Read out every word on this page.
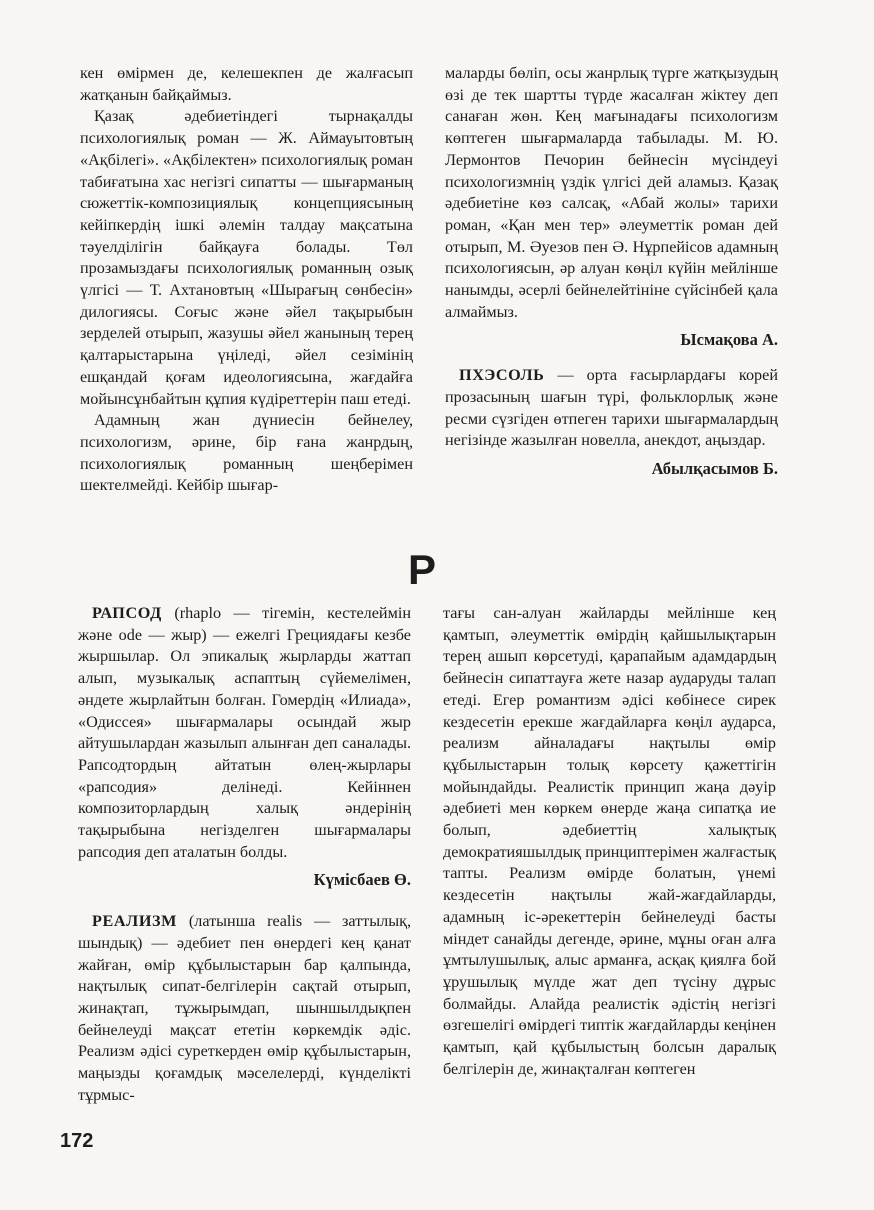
кен өмірмен де, келешекпен де жалғасып жатқанын байқаймыз.

Қазақ әдебиетіндегі тырнақалды психологиялық роман — Ж. Аймауытовтың «Ақбілегі». «Ақбілектен» психологиялық роман табиғатына хас негізгі сипатты — шығарманың сюжеттік-композициялық концепциясының кейіпкердің ішкі әлемін талдау мақсатына тәуелділігін байқауға болады. Төл прозамыздағы психологиялық романның озық үлгісі — Т. Ахтановтың «Шырағың сөнбесін» дилогиясы. Соғыс және әйел тақырыбын зерделей отырып, жазушы әйел жанының терең қалтарыстарына үңіледі, әйел сезімінің ешқандай қоғам идеологиясына, жағдайға мойынсұнбайтын құпия күдіреттерін паш етеді.

Адамның жан дүниесін бейнелеу, психологизм, әрине, бір ғана жанрдың, психологиялық романның шеңберімен шектелмейді. Кейбір шығар-

маларды бөліп, осы жанрлық түрге жатқызудың өзі де тек шартты түрде жасалған жіктеу деп санаған жөн. Кең мағынадағы психологизм көптеген шығармаларда табылады. М. Ю. Лермонтов Печорин бейнесін мүсіндеуі психологизмнің үздік үлгісі дей аламыз. Қазақ әдебиетіне көз салсақ, «Абай жолы» тарихи роман, «Қан мен тер» әлеуметтік роман дей отырып, М. Әуезов пен Ә. Нұрпейісов адамның психологиясын, әр алуан көңіл күйін мейлінше нанымды, әсерлі бейнелейтініне сүйсінбей қала алмаймыз.

Ысмақова А.

ПХЭСОЛЬ — орта ғасырлардағы корей прозасының шағын түрі, фольклорлық және ресми сүзгіден өтпеген тарихи шығармалардың негізінде жазылған новелла, анекдот, аңыздар.

Абылқасымов Б.
Р

РАПСОД (rhaplo — тігемін, кестелеймін және ode — жыр) — ежелгі Грециядағы кезбе жыршылар. Ол эпикалық жырларды жаттап алып, музыкалық аспаптың сүйемелімен, әндете жырлайтын болған. Гомердің «Илиада», «Одиссея» шығармалары осындай жыр айтушылардан жазылып алынған деп саналады. Рапсодтордың айтатын өлең-жырлары «рапсодия» делінеді. Кейіннен композиторлардың халық әндерінің тақырыбына негізделген шығармалары рапсодия деп аталатын болды.

Күмісбаев Ө.

РЕАЛИЗМ (латынша realis — заттылық, шындық) — әдебиет пен өнердегі кең қанат жайған, өмір құбылыстарын бар қалпында, нақтылық сипат-белгілерін сақтай отырып, жинақтап, тұжырымдап, шыншылдықпен бейнелеуді мақсат ететін көркемдік әдіс. Реализм әдісі суреткерден өмір құбылыстарын, маңызды қоғамдық мәселелерді, күнделікті тұрмыс-

тағы сан-алуан жайларды мейлінше кең қамтып, әлеуметтік өмірдің қайшылықтарын терең ашып көрсетуді, қарапайым адамдардың бейнесін сипаттауға жете назар аударуды талап етеді. Егер романтизм әдісі көбінесе сирек кездесетін ерекше жағдайларға көңіл аударса, реализм айналадағы нақтылы өмір құбылыстарын толық көрсету қажеттігін мойындайды. Реалистік принцип жаңа дәуір әдебиеті мен көркем өнерде жаңа сипатқа ие болып, әдебиеттің халықтық демократияшылдық принциптерімен жалғастық тапты. Реализм өмірде болатын, үнемі кездесетін нақтылы жай-жағдайларды, адамның іс-әрекеттерін бейнелеуді басты міндет санайды дегенде, әрине, мұны оған алға ұмтылушылық, алыс арманға, асқақ қиялға бой ұрушылық мүлде жат деп түсіну дұрыс болмайды. Алайда реалистік әдістің негізгі өзгешелігі өмірдегі типтік жағдайларды кеңінен қамтып, қай құбылыстың болсын даралық белгілерін де, жинақталған көптеген

172
